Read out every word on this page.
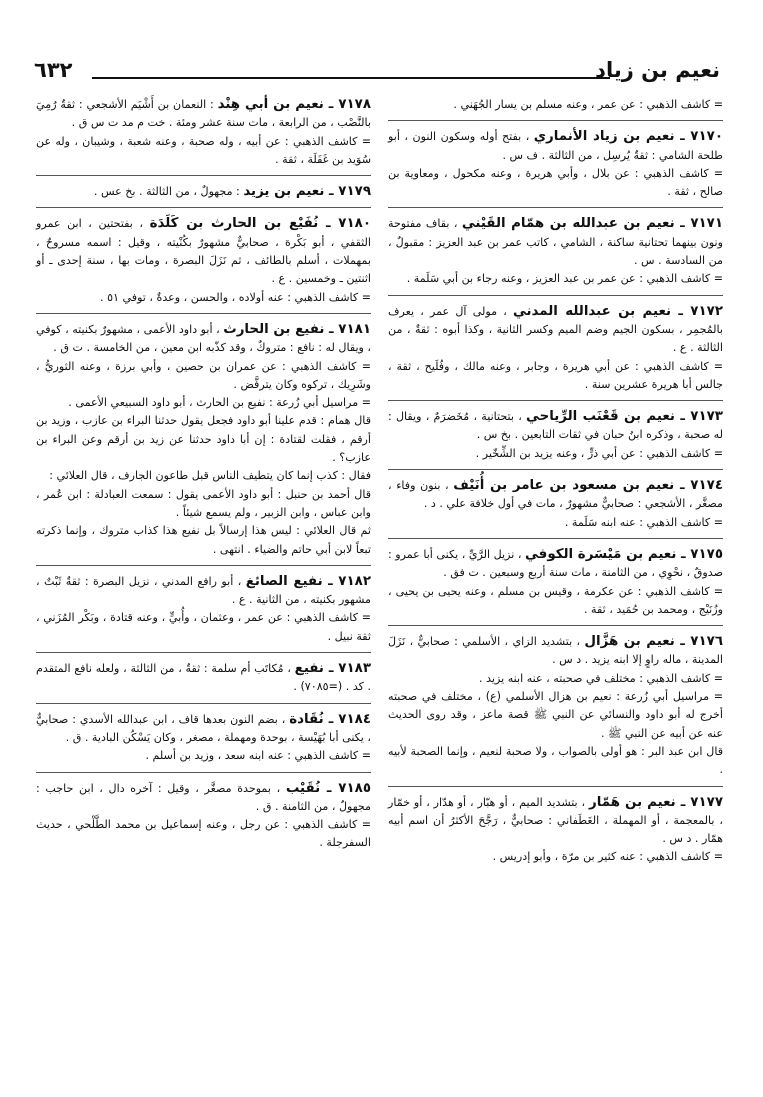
نعيم بن زياد
٦٣٢
= كاشف الذهبي : عن عمر ، وعنه مسلم بن يسار الجُهَني .
٧١٧٠ ـ نعيم بن زياد الأنماري ، بفتح أوله وسكون النون ، أبو طلحة الشامي : ثقةٌ يُرسِل ، من الثالثة . ف س .
= كاشف الذهبي : عن بلال ، وأبي هريرة ، وعنه مكحول ، ومعاوية بن صالح ، ثقة .
٧١٧١ ـ نعيم بن عبدالله بن همّام القَيْني ، بقاف مفتوحة ونون بينهما تحتانية ساكنة ، الشامي ، كاتب عمر بن عبد العزيز : مقبولٌ ، من السادسة . س .
= كاشف الذهبي : عن عمر بن عبد العزيز ، وعنه رجاء بن أبي سَلَمة .
٧١٧٢ ـ نعيم بن عبدالله المدني ، مولى آل عمر ، يعرف بالمُجمِر ، بسكون الجيم وضم الميم وكسر الثانية ، وكذا أبوه : ثقةٌ ، من الثالثة . ع .
= كاشف الذهبي : عن أبي هريرة ، وجابر ، وعنه مالك ، وفُلَيح ، ثقة ، جالس أبا هريرة عشرين سنة .
٧١٧٣ ـ نعيم بن قَعْنَب الرِّياحي ، بتحتانية ، مُخَضرَمٌ ، ويقال : له صحبة ، وذكره ابنُ حبان في ثقات التابعين . بخ س .
= كاشف الذهبي : عن أبي ذرٍّ ، وعنه يزيد بن الشِّخّير .
٧١٧٤ ـ نعيم بن مسعود بن عامر بن أُنَيْف ، بنون وفاء ، مصغَّر ، الأشجعي : صحابيٌّ مشهورٌ ، مات في أول خلافة علي . د .
= كاشف الذهبي : عنه ابنه سَلَمة .
٧١٧٥ ـ نعيم بن مَيْسَرة الكوفي ، نزيل الرَّيِّ ، يكنى أبا عمرو : صدوقٌ ، نحْوِي ، من الثامنة ، مات سنة أربع وسبعين . ت فق .
= كاشف الذهبي : عن عكرمة ، وقيس بن مسلم ، وعنه يحيى بن يحيى ، وزُنَيْج ، ومحمد بن حُمَيد ، ثقة .
٧١٧٦ ـ نعيم بن هَزَّال ، بتشديد الزاي ، الأسلمي : صحابيٌّ ، نَزَلَ المدينة ، ماله راوٍ إلا ابنه يزيد . د س .
= كاشف الذهبي : مختلف في صحبته ، عنه ابنه يزيد .
= مراسيل أبي زُرعة : نعيم بن هزال الأسلمي (ع) ، مختلف في صحبته أخرج له أبو داود والنسائي عن النبي ﷺ قصة ماعز ، وقد روى الحديث عنه عن أبيه عن النبي ﷺ .
قال ابن عبد البر : هو أولى بالصواب ، ولا صحبة لنعيم ، وإنما الصحبة لأبيه .
٧١٧٧ ـ نعيم بن هَمّار ، بتشديد الميم ، أو هبّار ، أو هدّار ، أو خمّار ، بالمعجمة ، أو المهملة ، الغَطَفاني : صحابيٌّ ، رَجَّحَ الأكثرُ أن اسم أبيه همّار . د س .
= كاشف الذهبي : عنه كثير بن مرّة ، وأبو إدريس .
٧١٧٨ ـ نعيم بن أبي هِنْد : النعمان بن أَشْيَم الأشجعي : ثقةٌ رُمِيَ بالنَّصْب ، من الرابعة ، مات سنة عشر ومئة . خت م مد ت س ق .
= كاشف الذهبي : عن أبيه ، وله صحبة ، وعنه شعبة ، وشيبان ، وله عن سُوَيد بن غَفَلَة ، ثقة .
٧١٧٩ ـ نعيم بن يزيد : مجهولٌ ، من الثالثة . بخ عس .
٧١٨٠ ـ نُفَيْع بن الحارث بن كَلَدَة ، بفتحتين ، ابن عمرو الثقفي ، أبو بَكْرة ، صحابيٌّ مشهورٌ بكُنْيته ، وقيل : اسمه مسروحٌ ، بمهملات ، أسلم بالطائف ، ثم نَزَلَ البصرة ، ومات بها ، سنة إحدى ـ أو اثنتين ـ وخمسين . ع .
= كاشف الذهبي : عنه أولاده ، والحسن ، وعدةٌ ، توفي ٥١ .
٧١٨١ ـ نفيع بن الحارث ، أبو داود الأعمى ، مشهورٌ بكنيته ، كوفي ، ويقال له : نافع : متروكٌ ، وقد كذّبه ابن معين ، من الخامسة . ت ق .
= كاشف الذهبي : عن عمران بن حصين ، وأبي برزة ، وعنه الثوريُّ ، وشَرِيك ، تركوه وكان يترفَّض .
= مراسيل أبي زُرعة : نفيع بن الحارث ، أبو داود السبيعي الأعمى .
قال همام : قدم علينا أبو داود فجعل يقول حدثنا البراء بن عازب ، وزيد بن أرقم ، فقلت لقتادة : إن أبا داود حدثنا عن زيد بن أرقم وعن البراء بن عازب؟ .
فقال : كذب إنما كان يتطيف الناس قبل طاعون الجارف ، قال العلائي :
قال أحمد بن حنبل : أبو داود الأعمى يقول : سمعت العبادلة : ابن عُمر ، وابن عباس ، وابن الزبير ، ولم يسمع شيئاً .
ثم قال العلائي : ليس هذا إرسالاً بل نفيع هذا كذاب متروك ، وإنما ذكرته تبعاً لابن أبي حاتم والضياء . انتهى .
٧١٨٢ ـ نفيع الصائغ ، أبو رافع المدني ، نزيل البصرة : ثقةٌ ثَبْتٌ ، مشهور بكنيته ، من الثانية . ع .
= كاشف الذهبي : عن عمر ، وعثمان ، وأُبيٍّ ، وعنه قتادة ، وبَكْر المُزَني ، ثقة نبيل .
٧١٨٣ ـ نفيع ، مُكاتَب أم سلمة : ثقةٌ ، من الثالثة ، ولعله نافع المتقدم . كد . (=٧٠٨٥) .
٧١٨٤ ـ نُقَادة ، بضم النون بعدها قاف ، ابن عبدالله الأسدي : صحابيٌّ ، يكنى أبا بُهَيْسة ، بوحدة ومهملة ، مصغر ، وكان يَسْكُن البادية . ق .
= كاشف الذهبي : عنه ابنه سعد ، وزيد بن أسلم .
٧١٨٥ ـ نُقَيْب ، بموحدة مصغَّر ، وقيل : آخره دال ، ابن حاجب : مجهولٌ ، من الثامنة . ق .
= كاشف الذهبي : عن رجل ، وعنه إسماعيل بن محمد الطَّلْحي ، حديث السفرجلة .
